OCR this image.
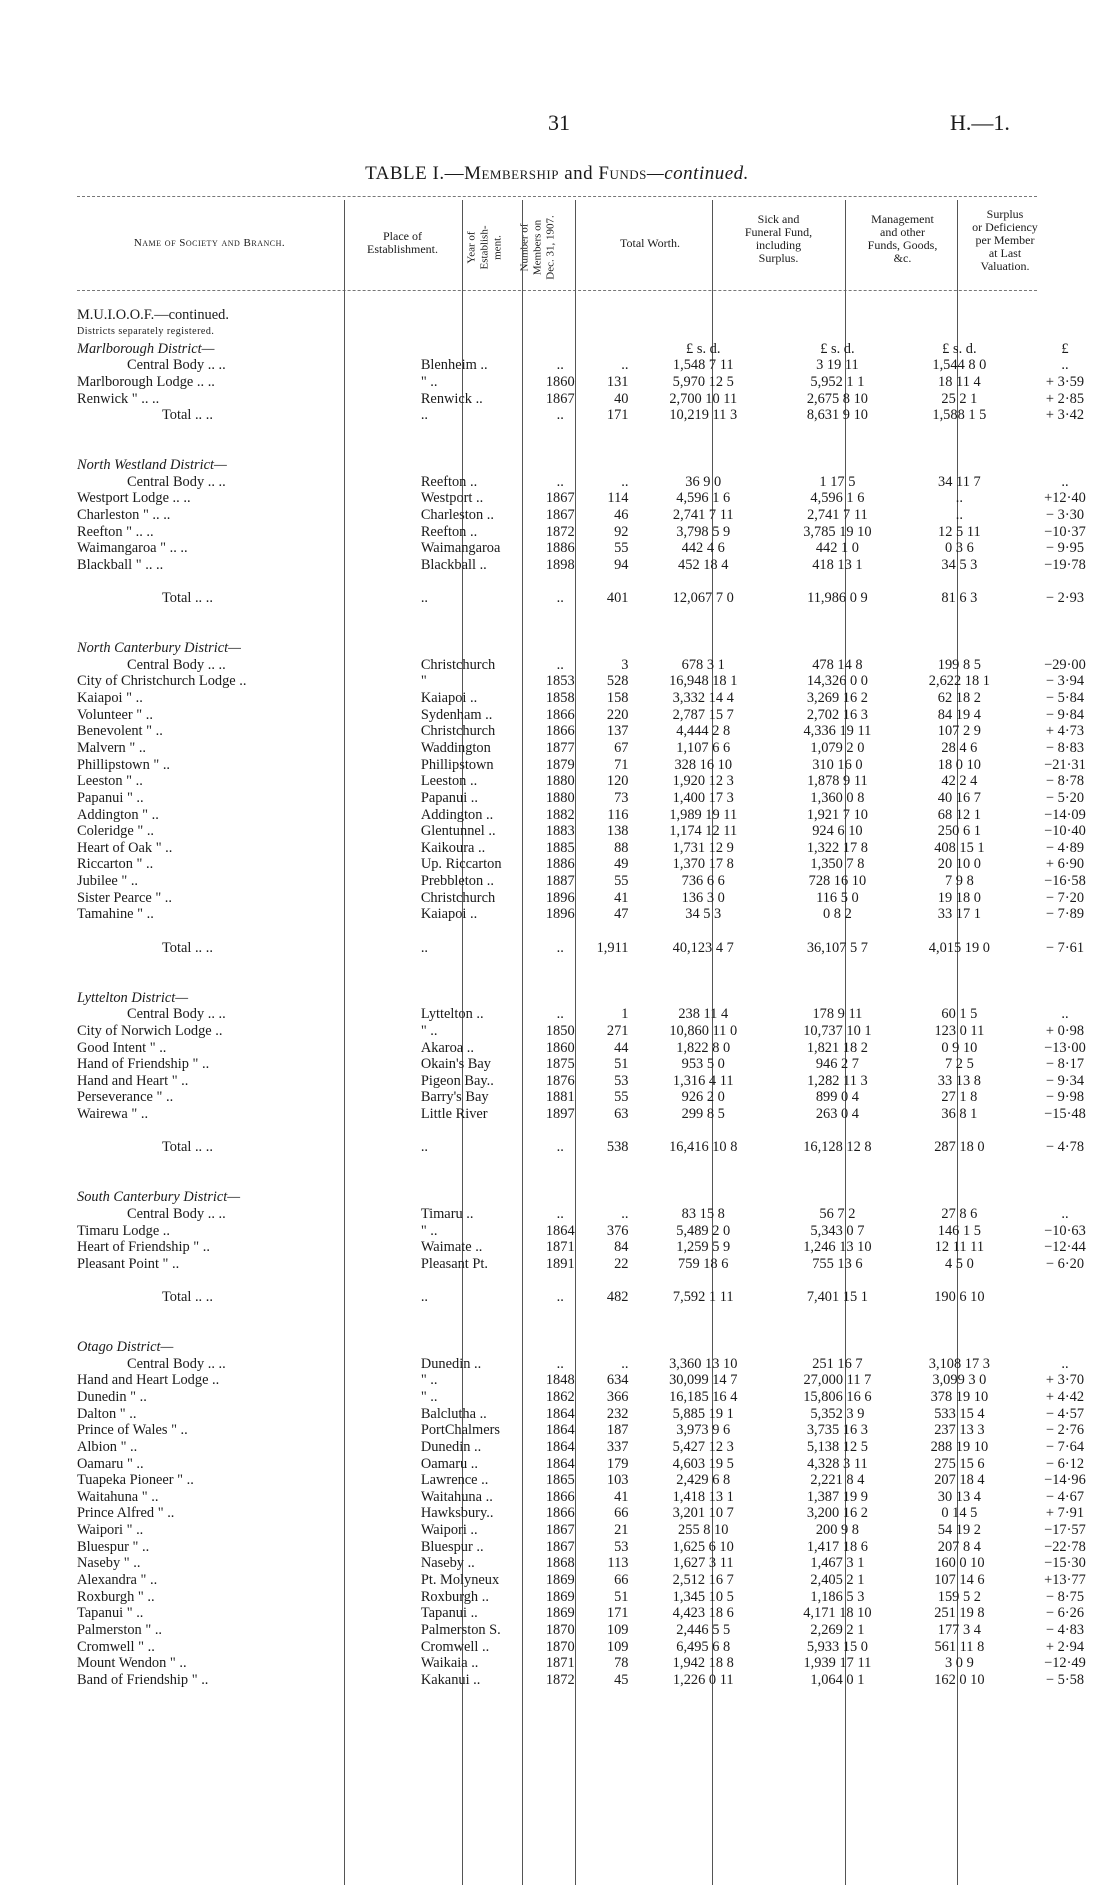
31	H.—1.
TABLE I.—Membership and Funds—continued.
Name of Society and Branch.	Place of
Establishment.	Year of Establish- ment. Number of Members on Dec. 31, 1907.	Total Worth.
Sick and
Funeral Fund,
including
Surplus.
Management
and other
Funds, Goods,
&c.
Surplus
or Deficiency
per Member
at Last
Valuation.
M.U.I.O.O.F.—continued.							
Districts separately registered.							
Marlborough District—				£ s. d.	£ s. d.	£ s. d.	£
Central Body .. ..	Blenheim ..	..	..	1,548 7 11	3 19 11	1,544 8 0	..
Marlborough Lodge .. ..	" ..	1860	131	5,970 12 5	5,952 1 1	18 11 4	+ 3·59
Renwick " .. ..	Renwick ..	1867	40	2,700 10 11	2,675 8 10	25 2 1	+ 2·85
Total .. ..	..	..	171	10,219 11 3	8,631 9 10	1,588 1 5	+ 3·42

North Westland District—							
Central Body .. ..	Reefton ..	..	..	36 9 0	1 17 5	34 11 7	..
Westport Lodge .. ..	Westport ..	1867	114	4,596 1 6	4,596 1 6	..	+12·40
Charleston " .. ..	Charleston ..	1867	46	2,741 7 11	2,741 7 11	..	− 3·30
Reefton " .. ..	Reefton ..	1872	92	3,798 5 9	3,785 19 10	12 5 11	−10·37
Waimangaroa " .. ..	Waimangaroa	1886	55	442 4 6	442 1 0	0 3 6	− 9·95
Blackball " .. ..	Blackball ..	1898	94	452 18 4	418 13 1	34 5 3	−19·78

Total .. ..	..	..	401	12,067 7 0	11,986 0 9	81 6 3	− 2·93

North Canterbury District—							
Central Body .. ..	Christchurch	..	3	678 3 1	478 14 8	199 8 5	−29·00
City of Christchurch Lodge ..	"	1853	528	16,948 18 1	14,326 0 0	2,622 18 1	− 3·94
Kaiapoi " ..	Kaiapoi ..	1858	158	3,332 14 4	3,269 16 2	62 18 2	− 5·84
Volunteer " ..	Sydenham ..	1866	220	2,787 15 7	2,702 16 3	84 19 4	− 9·84
Benevolent " ..	Christchurch	1866	137	4,444 2 8	4,336 19 11	107 2 9	+ 4·73
Malvern " ..	Waddington	1877	67	1,107 6 6	1,079 2 0	28 4 6	− 8·83
Phillipstown " ..	Phillipstown	1879	71	328 16 10	310 16 0	18 0 10	−21·31
Leeston " ..	Leeston ..	1880	120	1,920 12 3	1,878 9 11	42 2 4	− 8·78
Papanui " ..	Papanui ..	1880	73	1,400 17 3	1,360 0 8	40 16 7	− 5·20
Addington " ..	Addington ..	1882	116	1,989 19 11	1,921 7 10	68 12 1	−14·09
Coleridge " ..	Glentunnel ..	1883	138	1,174 12 11	924 6 10	250 6 1	−10·40
Heart of Oak " ..	Kaikoura ..	1885	88	1,731 12 9	1,322 17 8	408 15 1	− 4·89
Riccarton " ..	Up. Riccarton	1886	49	1,370 17 8	1,350 7 8	20 10 0	+ 6·90
Jubilee " ..	Prebbleton ..	1887	55	736 6 6	728 16 10	7 9 8	−16·58
Sister Pearce " ..	Christchurch	1896	41	136 3 0	116 5 0	19 18 0	− 7·20
Tamahine " ..	Kaiapoi ..	1896	47	34 5 3	0 8 2	33 17 1	− 7·89

Total .. ..	..	..	1,911	40,123 4 7	36,107 5 7	4,015 19 0	− 7·61

Lyttelton District—							
Central Body .. ..	Lyttelton ..	..	1	238 11 4	178 9 11	60 1 5	..
City of Norwich Lodge ..	" ..	1850	271	10,860 11 0	10,737 10 1	123 0 11	+ 0·98
Good Intent " ..	Akaroa ..	1860	44	1,822 8 0	1,821 18 2	0 9 10	−13·00
Hand of Friendship " ..	Okain's Bay	1875	51	953 5 0	946 2 7	7 2 5	− 8·17
Hand and Heart " ..	Pigeon Bay..	1876	53	1,316 4 11	1,282 11 3	33 13 8	− 9·34
Perseverance " ..	Barry's Bay	1881	55	926 2 0	899 0 4	27 1 8	− 9·98
Wairewa " ..	Little River	1897	63	299 8 5	263 0 4	36 8 1	−15·48

Total .. ..	..	..	538	16,416 10 8	16,128 12 8	287 18 0	− 4·78

South Canterbury District—							
Central Body .. ..	Timaru ..	..	..	83 15 8	56 7 2	27 8 6	..
Timaru Lodge ..	" ..	1864	376	5,489 2 0	5,343 0 7	146 1 5	−10·63
Heart of Friendship " ..	Waimate ..	1871	84	1,259 5 9	1,246 13 10	12 11 11	−12·44
Pleasant Point " ..	Pleasant Pt.	1891	22	759 18 6	755 13 6	4 5 0	− 6·20

Total .. ..	..	..	482	7,592 1 11	7,401 15 1	190 6 10	

Otago District—							
Central Body .. ..	Dunedin ..	..	..	3,360 13 10	251 16 7	3,108 17 3	..
Hand and Heart Lodge ..	" ..	1848	634	30,099 14 7	27,000 11 7	3,099 3 0	+ 3·70
Dunedin " ..	" ..	1862	366	16,185 16 4	15,806 16 6	378 19 10	+ 4·42
Dalton " ..	Balclutha ..	1864	232	5,885 19 1	5,352 3 9	533 15 4	− 4·57
Prince of Wales " ..	PortChalmers	1864	187	3,973 9 6	3,735 16 3	237 13 3	− 2·76
Albion " ..	Dunedin ..	1864	337	5,427 12 3	5,138 12 5	288 19 10	− 7·64
Oamaru " ..	Oamaru ..	1864	179	4,603 19 5	4,328 3 11	275 15 6	− 6·12
Tuapeka Pioneer " ..	Lawrence ..	1865	103	2,429 6 8	2,221 8 4	207 18 4	−14·96
Waitahuna " ..	Waitahuna ..	1866	41	1,418 13 1	1,387 19 9	30 13 4	− 4·67
Prince Alfred " ..	Hawksbury..	1866	66	3,201 10 7	3,200 16 2	0 14 5	+ 7·91
Waipori " ..	Waipori ..	1867	21	255 8 10	200 9 8	54 19 2	−17·57
Bluespur " ..	Bluespur ..	1867	53	1,625 6 10	1,417 18 6	207 8 4	−22·78
Naseby " ..	Naseby ..	1868	113	1,627 3 11	1,467 3 1	160 0 10	−15·30
Alexandra " ..	Pt. Molyneux	1869	66	2,512 16 7	2,405 2 1	107 14 6	+13·77
Roxburgh " ..	Roxburgh ..	1869	51	1,345 10 5	1,186 5 3	159 5 2	− 8·75
Tapanui " ..	Tapanui ..	1869	171	4,423 18 6	4,171 18 10	251 19 8	− 6·26
Palmerston " ..	Palmerston S.	1870	109	2,446 5 5	2,269 2 1	177 3 4	− 4·83
Cromwell " ..	Cromwell ..	1870	109	6,495 6 8	5,933 15 0	561 11 8	+ 2·94
Mount Wendon " ..	Waikaia ..	1871	78	1,942 18 8	1,939 17 11	3 0 9	−12·49
Band of Friendship " ..	Kakanui ..	1872	45	1,226 0 11	1,064 0 1	162 0 10	− 5·58
